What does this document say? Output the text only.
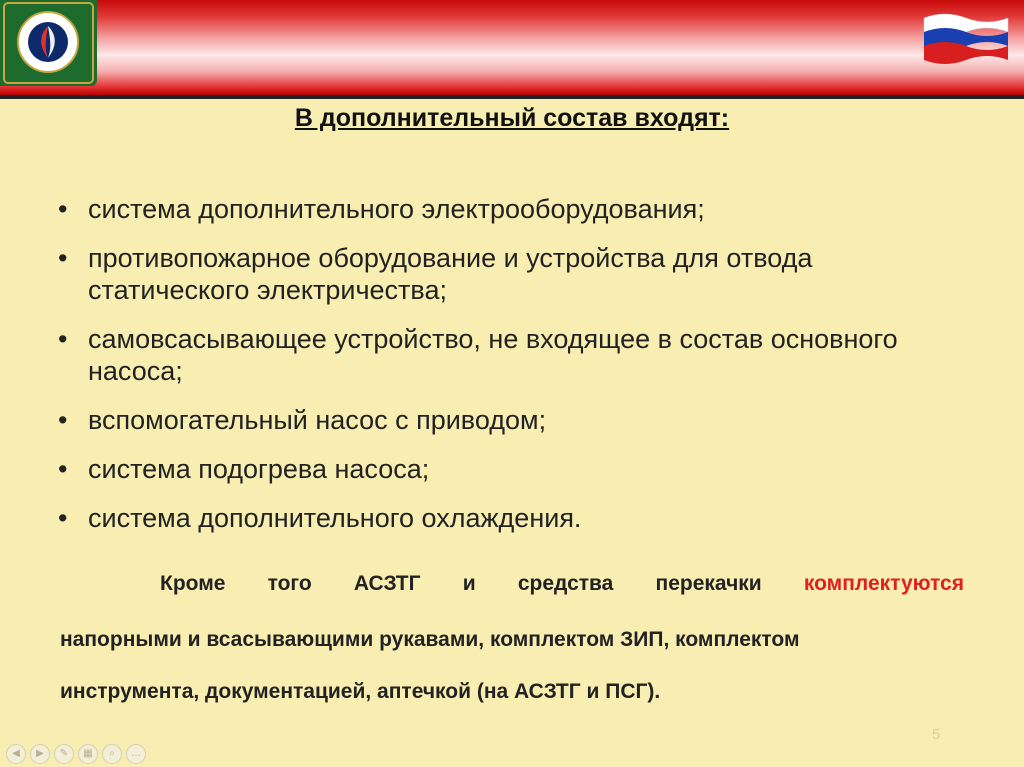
В дополнительный состав входят:
• система дополнительного электрооборудования;
• противопожарное оборудование и устройства для отвода статического электричества;
• самовсасывающее устройство, не входящее в состав основного насоса;
• вспомогательный насос с приводом;
• система подогрева насоса;
• система дополнительного охлаждения.
Кроме того АСЗТГ и средства перекачки комплектуются
напорными и всасывающими рукавами, комплектом ЗИП, комплектом
инструмента, документацией, аптечкой (на АСЗТГ и ПСГ).
5
◀	▶	✎	▦	⌕	…
